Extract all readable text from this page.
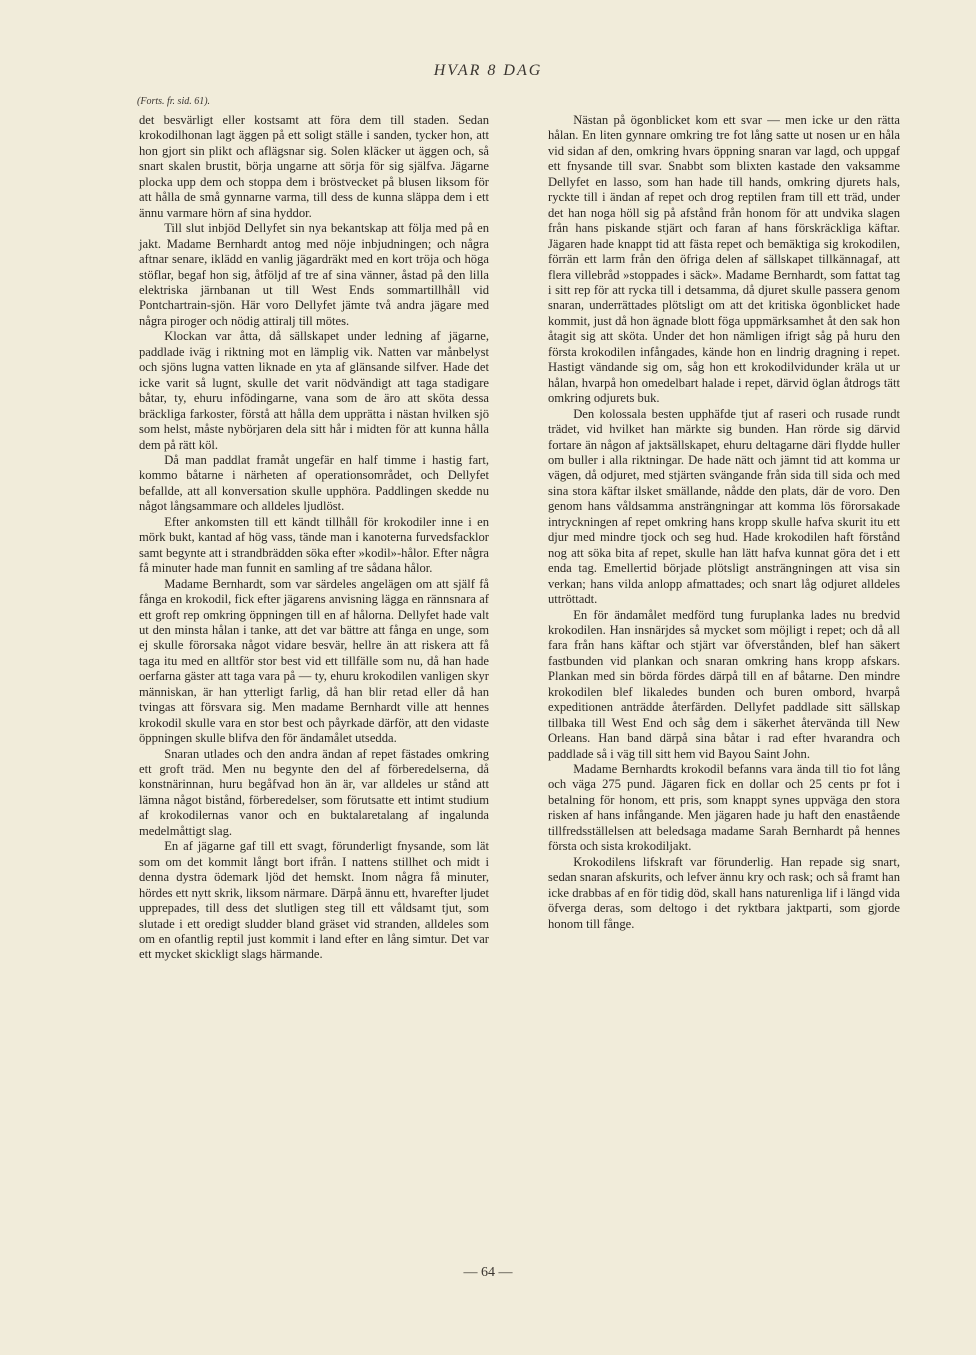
HVAR 8 DAG
(Forts. fr. sid. 61).

det besvärligt eller kostsamt att föra dem till staden. Sedan krokodilhonan lagt äggen på ett soligt ställe i sanden, tycker hon, att hon gjort sin plikt och aflägsnar sig. Solen kläcker ut äggen och, så snart skalen brustit, börja ungarne att sörja för sig själfva. Jägarne plocka upp dem och stoppa dem i bröstvecket på blusen liksom för att hålla de små gynnarne varma, till dess de kunna släppa dem i ett ännu varmare hörn af sina hyddor.

Till slut inbjöd Dellyfet sin nya bekantskap att följa med på en jakt. Madame Bernhardt antog med nöje inbjudningen; och några aftnar senare, iklädd en vanlig jägardräkt med en kort tröja och höga stöflar, begaf hon sig, åtföljd af tre af sina vänner, åstad på den lilla elektriska järnbanan ut till West Ends sommartillhåll vid Pontchartrain-sjön. Här voro Dellyfet jämte två andra jägare med några piroger och nödig attiralj till mötes.

Klockan var åtta, då sällskapet under ledning af jägarne, paddlade iväg i riktning mot en lämplig vik. Natten var månbelyst och sjöns lugna vatten liknade en yta af glänsande silfver. Hade det icke varit så lugnt, skulle det varit nödvändigt att taga stadigare båtar, ty, ehuru infödingarne, vana som de äro att sköta dessa bräckliga farkoster, förstå att hålla dem upprätta i nästan hvilken sjö som helst, måste nybörjaren dela sitt hår i midten för att kunna hålla dem på rätt köl.

Då man paddlat framåt ungefär en half timme i hastig fart, kommo båtarne i närheten af operationsområdet, och Dellyfet befallde, att all konversation skulle upphöra. Paddlingen skedde nu något långsammare och alldeles ljudlöst.

Efter ankomsten till ett kändt tillhåll för krokodiler inne i en mörk bukt, kantad af hög vass, tände man i kanoterna furvedsfacklor samt begynte att i strandbrädden söka efter »kodil»-hålor. Efter några få minuter hade man funnit en samling af tre sådana hålor.

Madame Bernhardt, som var särdeles angelägen om att själf få fånga en krokodil, fick efter jägarens anvisning lägga en rännsnara af ett groft rep omkring öppningen till en af hålorna. Dellyfet hade valt ut den minsta hålan i tanke, att det var bättre att fånga en unge, som ej skulle förorsaka något vidare besvär, hellre än att riskera att få taga itu med en alltför stor best vid ett tillfälle som nu, då han hade oerfarna gäster att taga vara på — ty, ehuru krokodilen vanligen skyr människan, är han ytterligt farlig, då han blir retad eller då han tvingas att försvara sig. Men madame Bernhardt ville att hennes krokodil skulle vara en stor best och påyrkade därför, att den vidaste öppningen skulle blifva den för ändamålet utsedda.

Snaran utlades och den andra ändan af repet fästades omkring ett groft träd. Men nu begynte den del af förberedelserna, då konstnärinnan, huru begåfvad hon än är, var alldeles ur stånd att lämna något bistånd, förberedelser, som förutsatte ett intimt studium af krokodilernas vanor och en buktalaretalang af ingalunda medelmåttigt slag.

En af jägarne gaf till ett svagt, förunderligt fnysande, som lät som om det kommit långt bort ifrån. I nattens stillhet och midt i denna dystra ödemark ljöd det hemskt. Inom några få minuter, hördes ett nytt skrik, liksom närmare. Därpå ännu ett, hvarefter ljudet upprepades, till dess det slutligen steg till ett våldsamt tjut, som slutade i ett oredigt sludder bland gräset vid stranden, alldeles som om en ofantlig reptil just kommit i land efter en lång simtur. Det var ett mycket skickligt slags härmande.

Nästan på ögonblicket kom ett svar — men icke ur den rätta hålan. En liten gynnare omkring tre fot lång satte ut nosen ur en håla vid sidan af den, omkring hvars öppning snaran var lagd, och uppgaf ett fnysande till svar. Snabbt som blixten kastade den vaksamme Dellyfet en lasso, som han hade till hands, omkring djurets hals, ryckte till i ändan af repet och drog reptilen fram till ett träd, under det han noga höll sig på afstånd från honom för att undvika slagen från hans piskande stjärt och faran af hans förskräckliga käftar. Jägaren hade knappt tid att fästa repet och bemäktiga sig krokodilen, förrän ett larm från den öfriga delen af sällskapet tillkännagaf, att flera villebråd »stoppades i säck». Madame Bernhardt, som fattat tag i sitt rep för att rycka till i detsamma, då djuret skulle passera genom snaran, underrättades plötsligt om att det kritiska ögonblicket hade kommit, just då hon ägnade blott föga uppmärksamhet åt den sak hon åtagit sig att sköta. Under det hon nämligen ifrigt såg på huru den första krokodilen infångades, kände hon en lindrig dragning i repet. Hastigt vändande sig om, såg hon ett krokodilvidunder kräla ut ur hålan, hvarpå hon omedelbart halade i repet, därvid öglan åtdrogs tätt omkring odjurets buk.

Den kolossala besten upphäfde tjut af raseri och rusade rundt trädet, vid hvilket han märkte sig bunden. Han rörde sig därvid fortare än någon af jaktsällskapet, ehuru deltagarne däri flydde huller om buller i alla riktningar. De hade nätt och jämnt tid att komma ur vägen, då odjuret, med stjärten svängande från sida till sida och med sina stora käftar ilsket smällande, nådde den plats, där de voro. Den genom hans våldsamma ansträngningar att komma lös förorsakade intryckningen af repet omkring hans kropp skulle hafva skurit itu ett djur med mindre tjock och seg hud. Hade krokodilen haft förstånd nog att söka bita af repet, skulle han lätt hafva kunnat göra det i ett enda tag. Emellertid började plötsligt ansträngningen att visa sin verkan; hans vilda anlopp afmattades; och snart låg odjuret alldeles uttröttadt.

En för ändamålet medförd tung furuplanka lades nu bredvid krokodilen. Han insnärjdes så mycket som möjligt i repet; och då all fara från hans käftar och stjärt var öfverstånden, blef han säkert fastbunden vid plankan och snaran omkring hans kropp afskars. Plankan med sin börda fördes därpå till en af båtarne. Den mindre krokodilen blef likaledes bunden och buren ombord, hvarpå expeditionen anträdde återfärden. Dellyfet paddlade sitt sällskap tillbaka till West End och såg dem i säkerhet återvända till New Orleans. Han band därpå sina båtar i rad efter hvarandra och paddlade så i väg till sitt hem vid Bayou Saint John.

Madame Bernhardts krokodil befanns vara ända till tio fot lång och väga 275 pund. Jägaren fick en dollar och 25 cents pr fot i betalning för honom, ett pris, som knappt synes uppväga den stora risken af hans infångande. Men jägaren hade ju haft den enastående tillfredsställelsen att beledsaga madame Sarah Bernhardt på hennes första och sista krokodiljakt.

Krokodilens lifskraft var förunderlig. Han repade sig snart, sedan snaran afskurits, och lefver ännu kry och rask; och så framt han icke drabbas af en för tidig död, skall hans naturenliga lif i längd vida öfverga deras, som deltogo i det ryktbara jaktparti, som gjorde honom till fånge.

— 64 —
